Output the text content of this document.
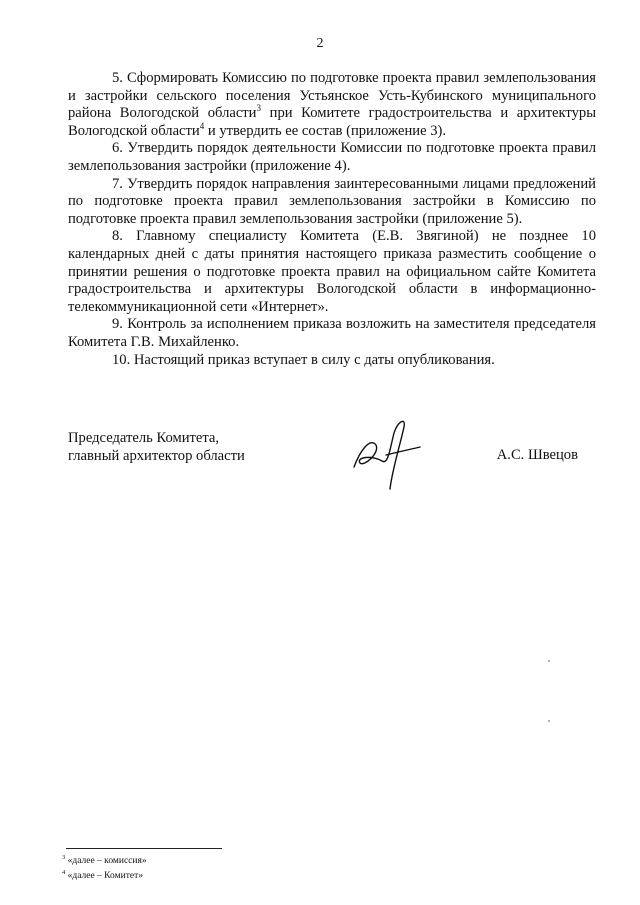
2

5. Сформировать Комиссию по подготовке проекта правил землепользования и застройки сельского поселения Устьянское Усть-Кубинского муниципального района Вологодской области$^3$ при Комитете градостроительства и архитектуры Вологодской области$^4$ и утвердить ее состав (приложение 3).

6. Утвердить порядок деятельности Комиссии по подготовке проекта правил землепользования застройки (приложение 4).

7. Утвердить порядок направления заинтересованными лицами предложений по подготовке проекта правил землепользования застройки в Комиссию по подготовке проекта правил землепользования застройки (приложение 5).

8. Главному специалисту Комитета (Е.В. Звягиной) не позднее 10 календарных дней с даты принятия настоящего приказа разместить сообщение о принятии решения о подготовке проекта правил на официальном сайте Комитета градостроительства и архитектуры Вологодской области в информационно-телекоммуникационной сети «Интернет».

9. Контроль за исполнением приказа возложить на заместителя председателя Комитета Г.В. Михайленко.

10. Настоящий приказ вступает в силу с даты опубликования.

Председатель Комитета,
главный архитектор области	А.С. Швецов
$^3$ «далее – комиссия»
$^4$ «далее – Комитет»
